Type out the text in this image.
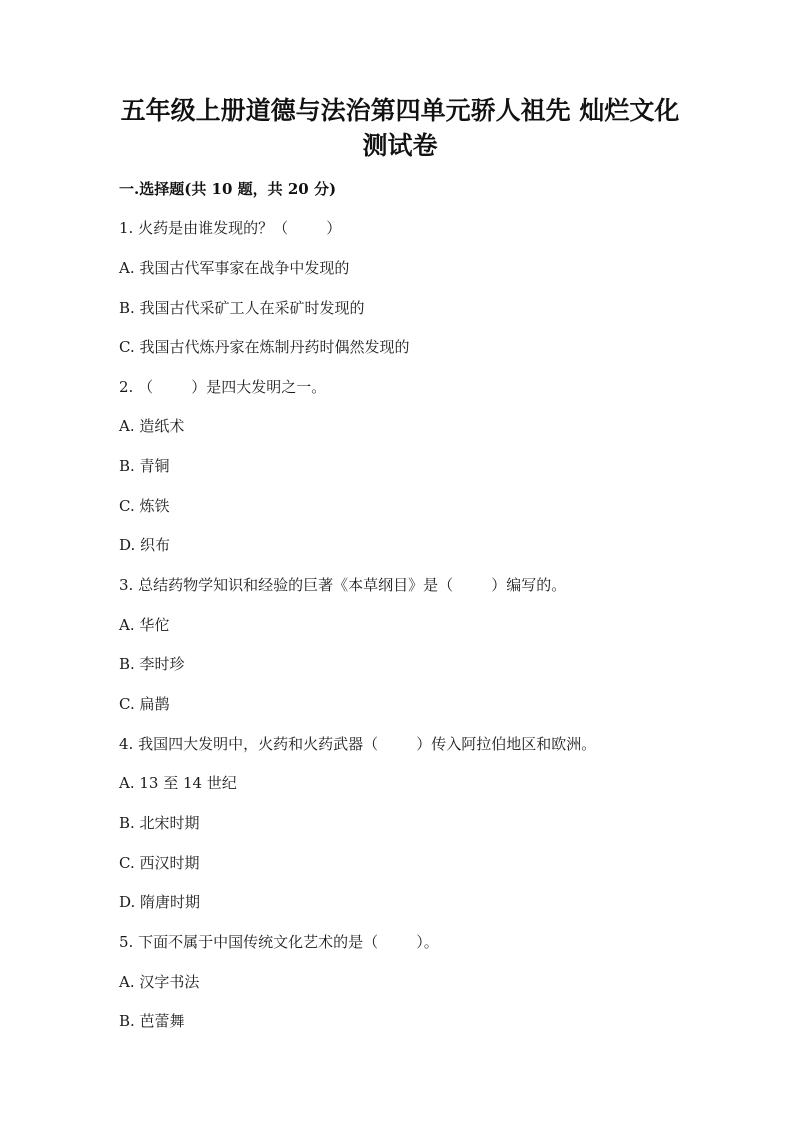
五年级上册道德与法治第四单元骄人祖先 灿烂文化
测试卷

一.选择题(共 10 题，共 20 分)

1. 火药是由谁发现的？（        ）

A. 我国古代军事家在战争中发现的

B. 我国古代采矿工人在采矿时发现的

C. 我国古代炼丹家在炼制丹药时偶然发现的

2. （        ）是四大发明之一。

A. 造纸术

B. 青铜

C. 炼铁

D. 织布

3. 总结药物学知识和经验的巨著《本草纲目》是（        ）编写的。

A. 华佗

B. 李时珍

C. 扁鹊

4. 我国四大发明中，火药和火药武器（        ）传入阿拉伯地区和欧洲。

A. 13 至 14 世纪

B. 北宋时期

C. 西汉时期

D. 隋唐时期

5. 下面不属于中国传统文化艺术的是（        ）。

A. 汉字书法

B. 芭蕾舞
